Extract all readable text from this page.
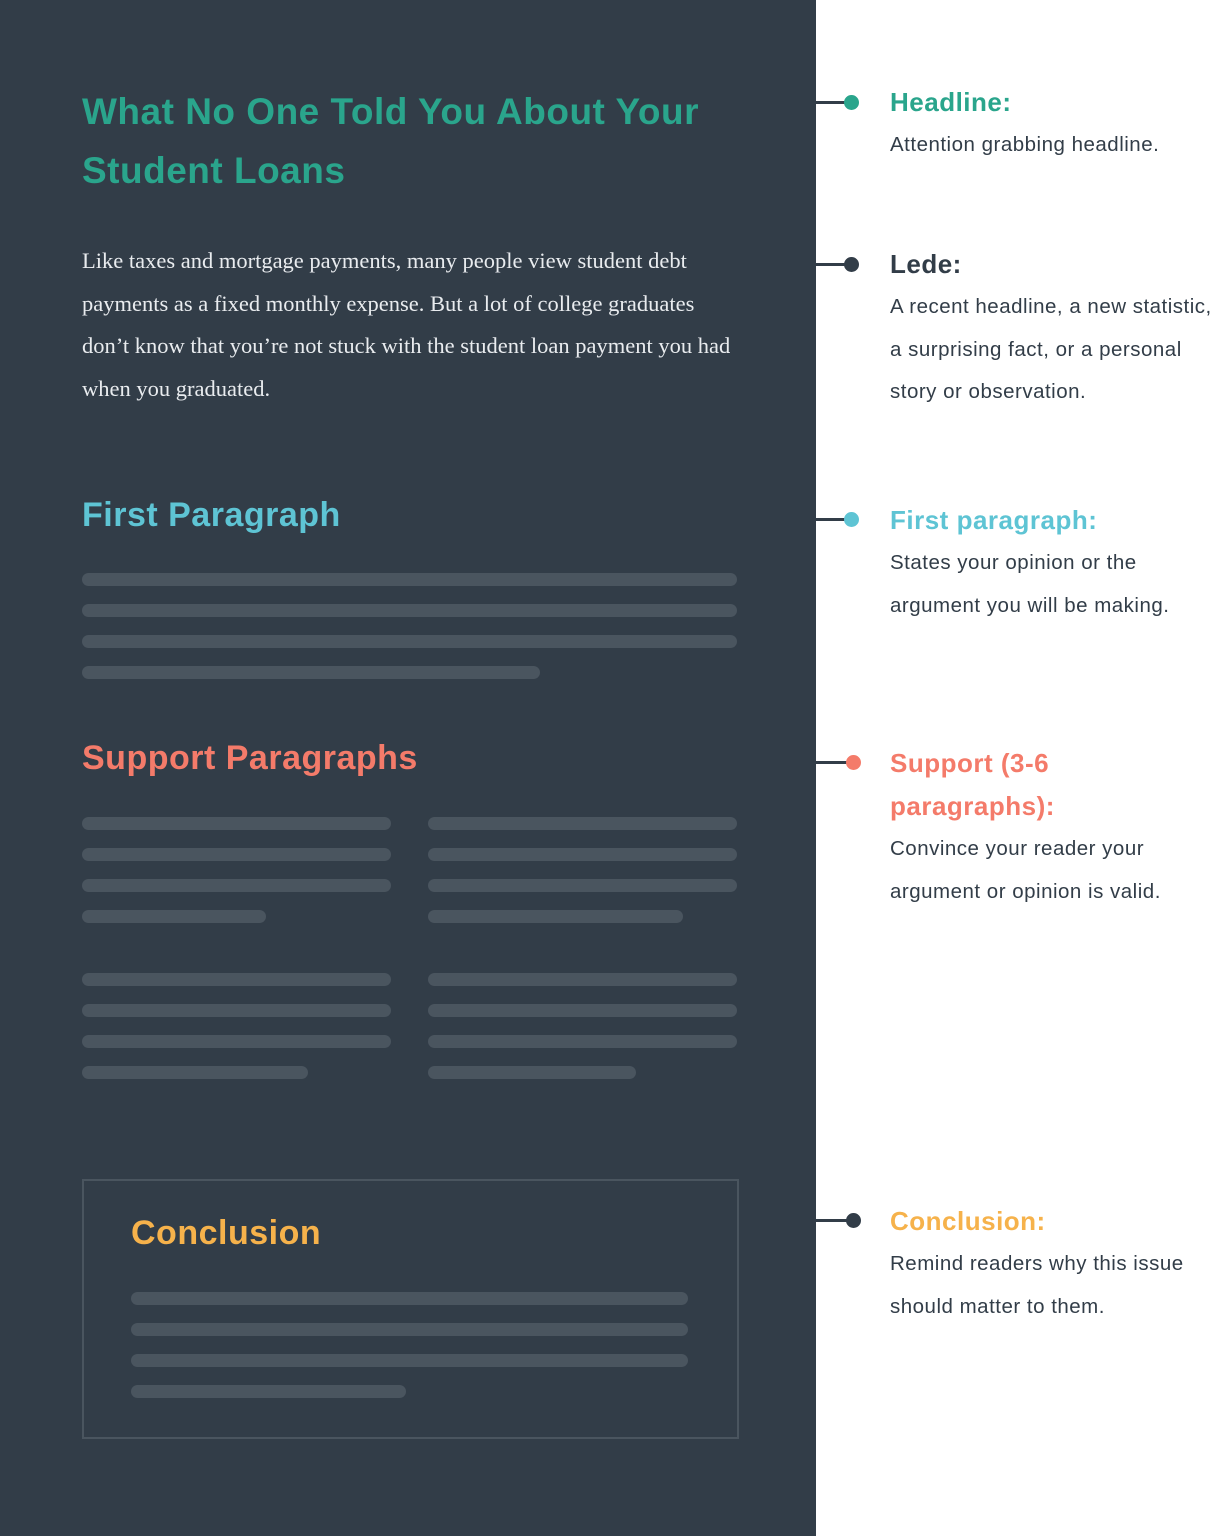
What No One Told You About Your Student Loans

Like taxes and mortgage payments, many people view student debt payments as a fixed monthly expense. But a lot of college graduates don’t know that you’re not stuck with the student loan payment you had when you graduated.

First Paragraph
Support Paragraphs
Conclusion

Headline:

Attention grabbing headline.

Lede:

A recent headline, a new statistic, a surprising fact, or a personal story or observation.

First paragraph:

States your opinion or the argument you will be making.

Support (3-6 paragraphs):

Convince your reader your argument or opinion is valid.

Conclusion:

Remind readers why this issue should matter to them.
